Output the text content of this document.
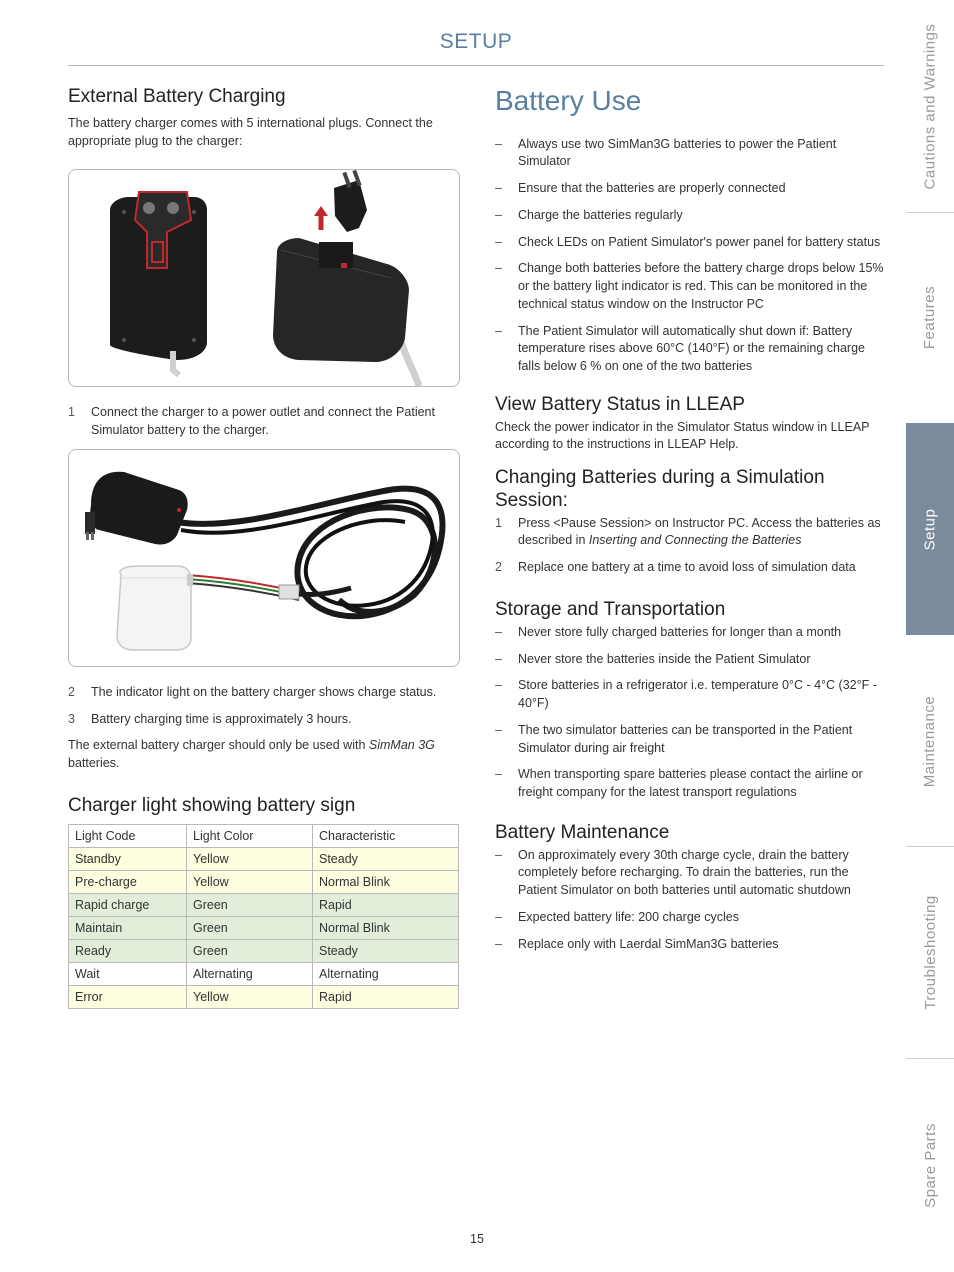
SETUP
External Battery Charging

The battery charger comes with 5 international plugs. Connect the appropriate plug to the charger:

1 Connect the charger to a power outlet and connect the Patient Simulator battery to the charger.
2 The indicator light on the battery charger shows charge status.
3 Battery charging time is approximately 3 hours.

The external battery charger should only be used with SimMan 3G batteries.

Charger light showing battery sign
Light Code	Light Color	Characteristic
Standby	Yellow	Steady
Pre-charge	Yellow	Normal Blink
Rapid charge	Green	Rapid
Maintain	Green	Normal Blink
Ready	Green	Steady
Wait	Alternating	Alternating
Error	Yellow	Rapid
Battery Use
– Always use two SimMan3G batteries to power the Patient Simulator
– Ensure that the batteries are properly connected
– Charge the batteries regularly
– Check LEDs on Patient Simulator's power panel for battery status
– Change both batteries before the battery charge drops below 15% or the battery light indicator is red. This can be monitored in the technical status window on the Instructor PC
– The Patient Simulator will automatically shut down if: Battery temperature rises above 60°C (140°F) or the remaining charge falls below 6 % on one of the two batteries
View Battery Status in LLEAP

Check the power indicator in the Simulator Status window in LLEAP according to the instructions in LLEAP Help.

Changing Batteries during a Simulation Session:
1 Press <Pause Session> on Instructor PC. Access the batteries as described in Inserting and Connecting the Batteries
2 Replace one battery at a time to avoid loss of simulation data
Storage and Transportation
– Never store fully charged batteries for longer than a month
– Never store the batteries inside the Patient Simulator
– Store batteries in a refrigerator i.e. temperature 0°C - 4°C (32°F - 40°F)
– The two simulator batteries can be transported in the Patient Simulator during air freight
– When transporting spare batteries please contact the airline or freight company for the latest transport regulations
Battery Maintenance
– On approximately every 30th charge cycle, drain the battery completely before recharging. To drain the batteries, run the Patient Simulator on both batteries until automatic shutdown
– Expected battery life: 200 charge cycles
– Replace only with Laerdal SimMan3G batteries
Cautions and Warnings
Features
Setup
Maintenance
Troubleshooting
Spare Parts
15
